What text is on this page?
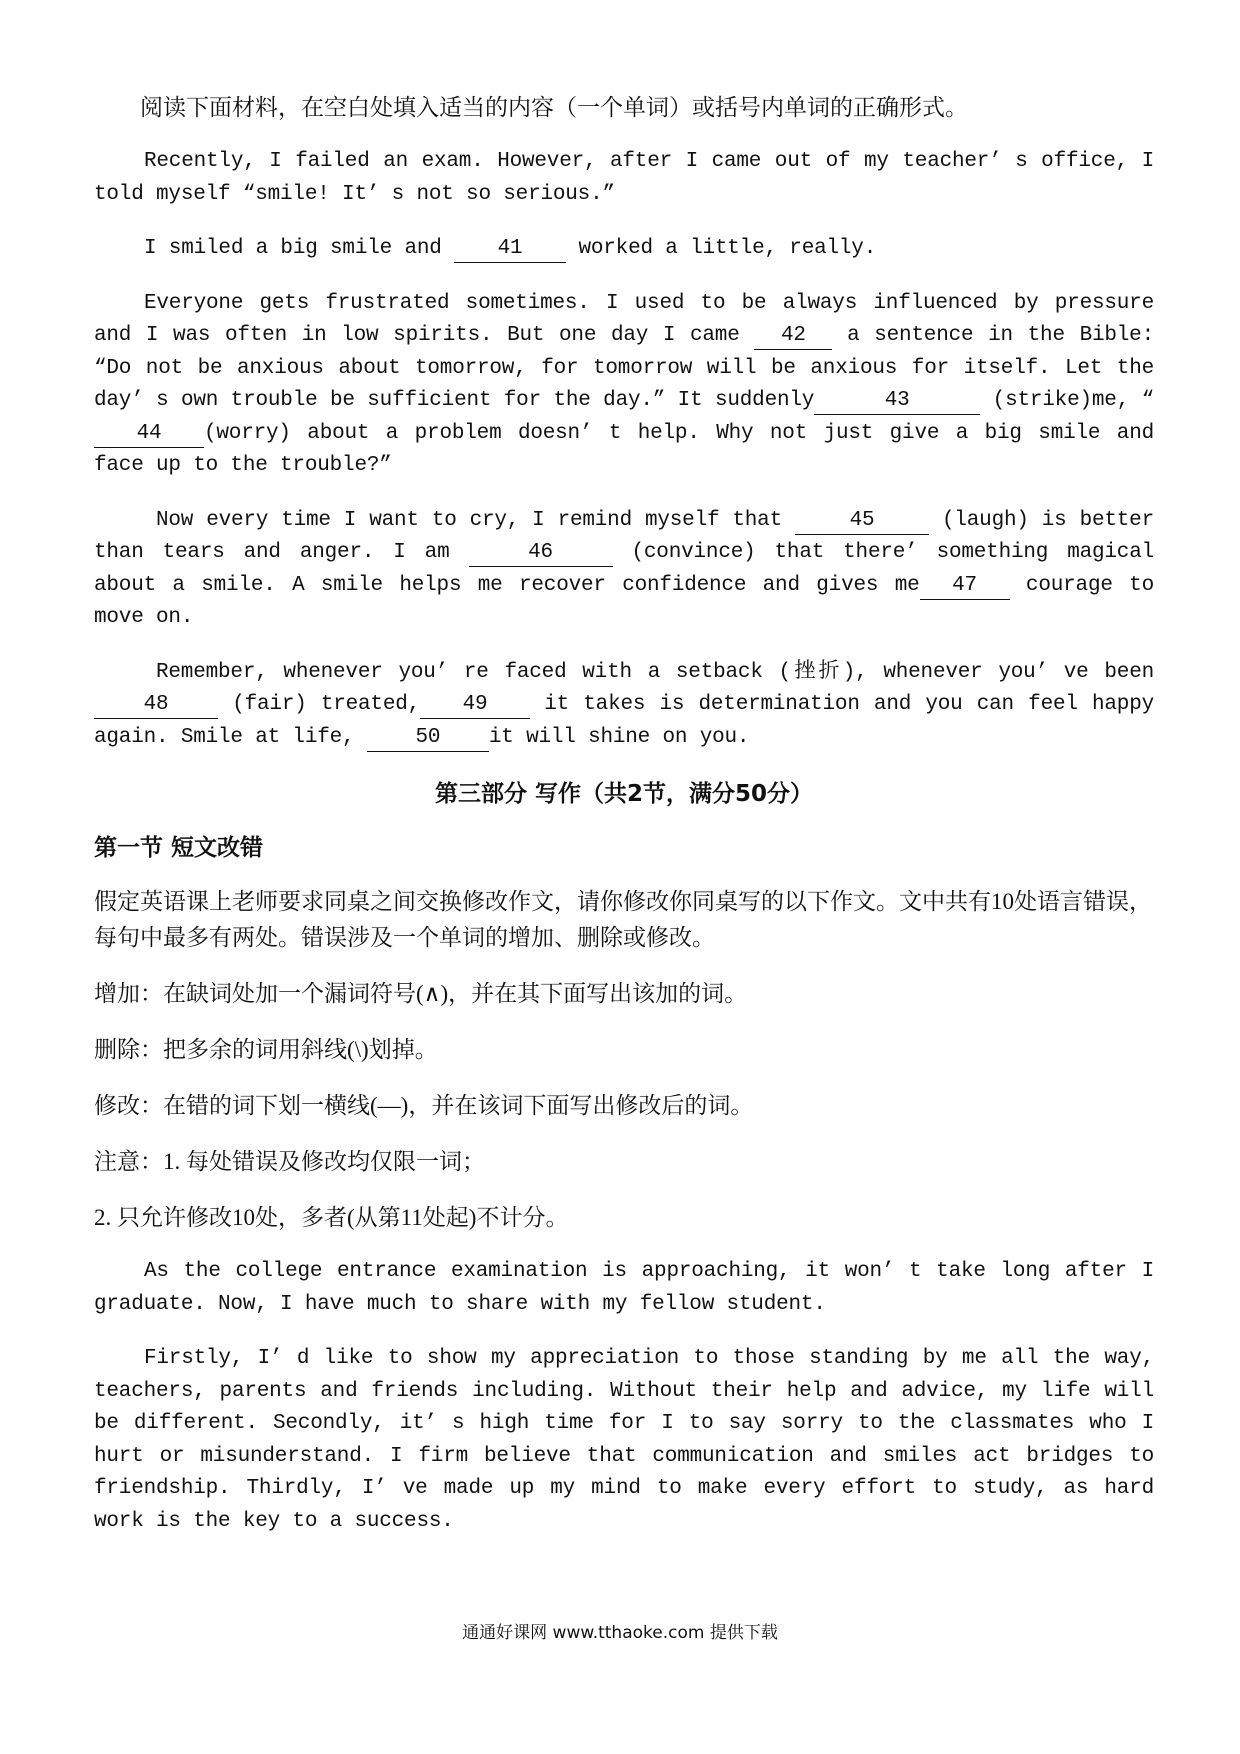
阅读下面材料，在空白处填入适当的内容（一个单词）或括号内单词的正确形式。

Recently, I failed an exam. However, after I came out of my teacher’ s office, I told myself “smile! It’ s not so serious.”

I smiled a big smile and 41 worked a little, really.

Everyone gets frustrated sometimes. I used to be always influenced by pressure and I was often in low spirits. But one day I came 42 a sentence in the Bible: “Do not be anxious about tomorrow, for tomorrow will be anxious for itself. Let the day’ s own trouble be sufficient for the day.” It suddenly	43	(strike)me, “44 (worry) about a problem doesn’ t help. Why not just give a big smile and face up to the trouble?”

Now every time I want to cry, I remind myself that	45	(laugh) is better than tears and anger. I am	46	(convince) that there’ something magical about a smile. A smile helps me recover confidence and gives me 47 courage to move on.

Remember, whenever you’ re faced with a setback (挫折), whenever you’ ve been 48 (fair) treated, 49 it takes is determination and you can feel happy again. Smile at life, 50 it will shine on you.

第三部分 写作（共2节，满分50分）

第一节 短文改错

假定英语课上老师要求同桌之间交换修改作文，请你修改你同桌写的以下作文。文中共有10处语言错误，每句中最多有两处。错误涉及一个单词的增加、删除或修改。

增加：在缺词处加一个漏词符号(∧)，并在其下面写出该加的词。

删除：把多余的词用斜线(\)划掉。

修改：在错的词下划一横线(—)，并在该词下面写出修改后的词。

注意：1. 每处错误及修改均仅限一词；

2. 只允许修改10处，多者(从第11处起)不计分。

As the college entrance examination is approaching, it won’ t take long after I graduate. Now, I have much to share with my fellow student.

Firstly, I’ d like to show my appreciation to those standing by me all the way, teachers, parents and friends including. Without their help and advice, my life will be different. Secondly, it’ s high time for I to say sorry to the classmates who I hurt or misunderstand. I firm believe that communication and smiles act bridges to friendship. Thirdly, I’ ve made up my mind to make every effort to study, as hard work is the key to a success.

通通好课网 www.tthaoke.com 提供下载
